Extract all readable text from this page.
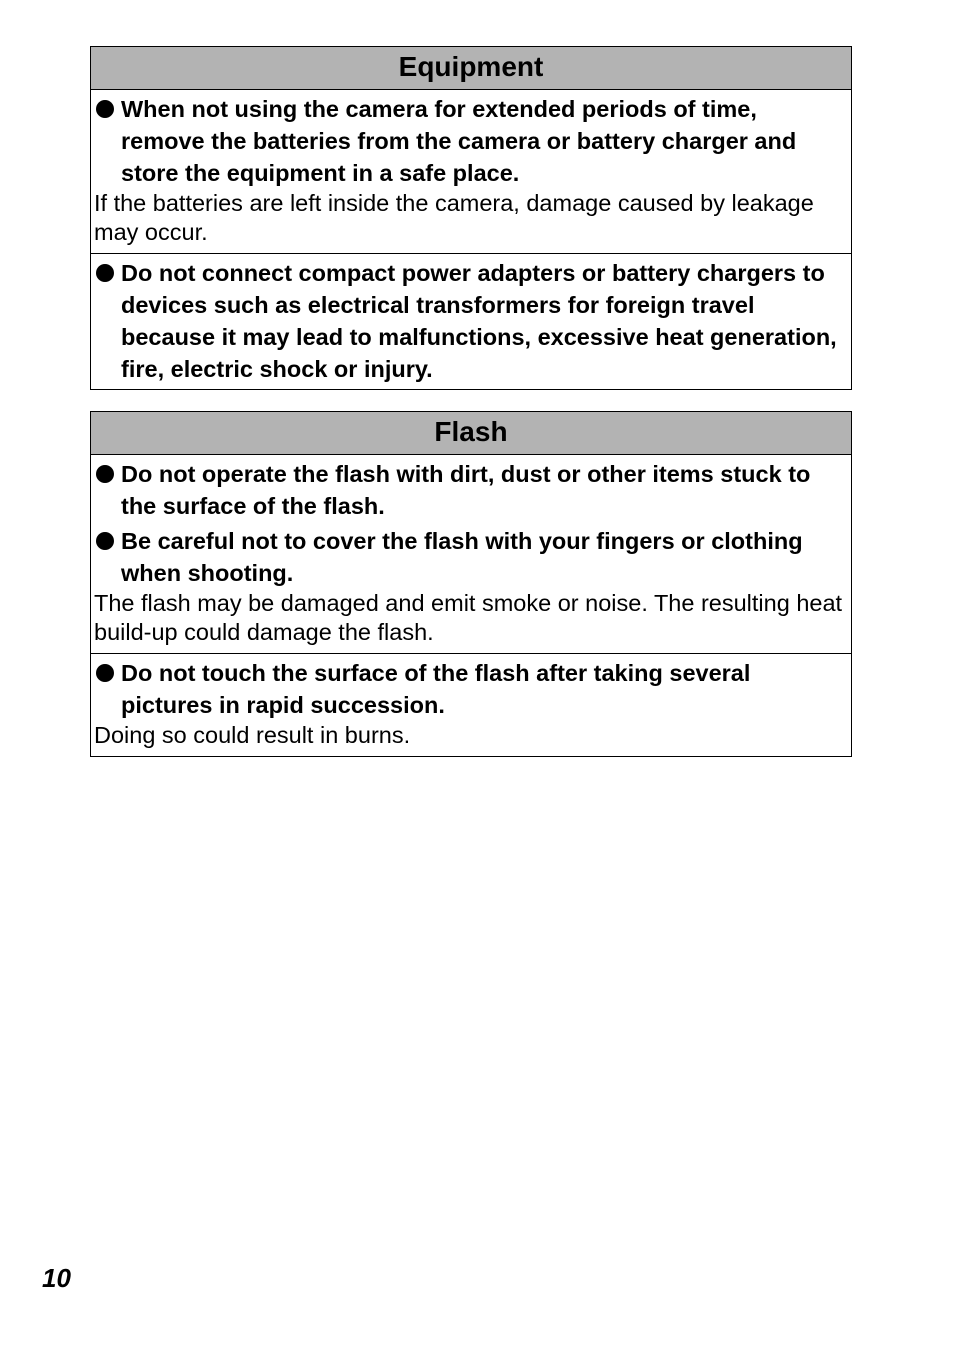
Equipment
When not using the camera for extended periods of time, remove the batteries from the camera or battery charger and store the equipment in a safe place.
If the batteries are left inside the camera, damage caused by leakage may occur.
Do not connect compact power adapters or battery chargers to devices such as electrical transformers for foreign travel because it may lead to malfunctions, excessive heat generation, fire, electric shock or injury.
Flash
Do not operate the flash with dirt, dust or other items stuck to the surface of the flash.
Be careful not to cover the flash with your fingers or clothing when shooting.
The flash may be damaged and emit smoke or noise. The resulting heat build-up could damage the flash.
Do not touch the surface of the flash after taking several pictures in rapid succession.
Doing so could result in burns.
10
